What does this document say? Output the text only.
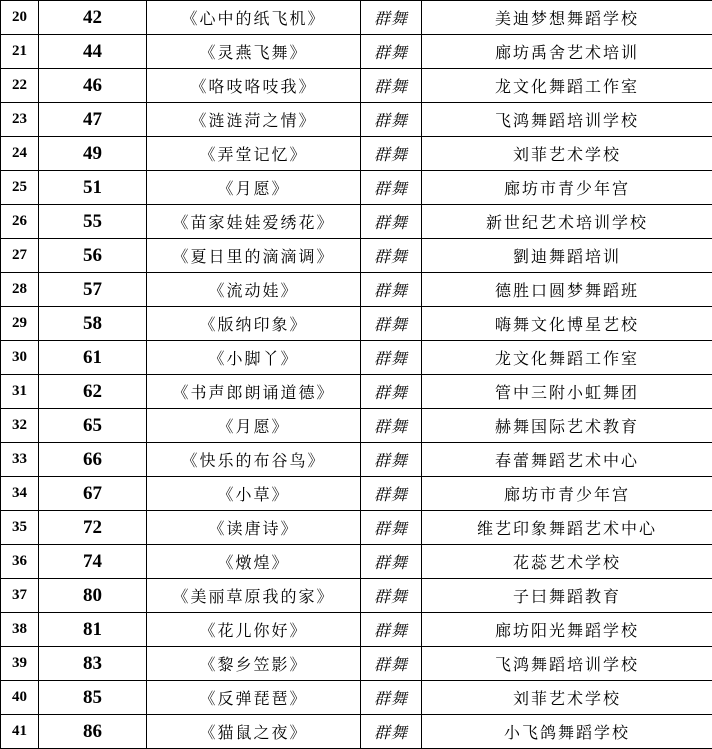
20	42	《心中的纸飞机》	群舞	美迪梦想舞蹈学校
21	44	《灵燕飞舞》	群舞	廊坊禹舍艺术培训
22	46	《咯吱咯吱我》	群舞	龙文化舞蹈工作室
23	47	《涟涟菏之情》	群舞	飞鸿舞蹈培训学校
24	49	《弄堂记忆》	群舞	刘菲艺术学校
25	51	《月愿》	群舞	廊坊市青少年宫
26	55	《苗家娃娃爱绣花》	群舞	新世纪艺术培训学校
27	56	《夏日里的滴滴调》	群舞	劉迪舞蹈培训
28	57	《流动娃》	群舞	德胜口圆梦舞蹈班
29	58	《版纳印象》	群舞	嗨舞文化博星艺校
30	61	《小脚丫》	群舞	龙文化舞蹈工作室
31	62	《书声郎朗诵道德》	群舞	管中三附小虹舞团
32	65	《月愿》	群舞	赫舞国际艺术教育
33	66	《快乐的布谷鸟》	群舞	春蕾舞蹈艺术中心
34	67	《小草》	群舞	廊坊市青少年宫
35	72	《读唐诗》	群舞	维艺印象舞蹈艺术中心
36	74	《燉煌》	群舞	花蕊艺术学校
37	80	《美丽草原我的家》	群舞	子曰舞蹈教育
38	81	《花儿你好》	群舞	廊坊阳光舞蹈学校
39	83	《黎乡笠影》	群舞	飞鸿舞蹈培训学校
40	85	《反弹琵琶》	群舞	刘菲艺术学校
41	86	《猫鼠之夜》	群舞	小飞鸽舞蹈学校
